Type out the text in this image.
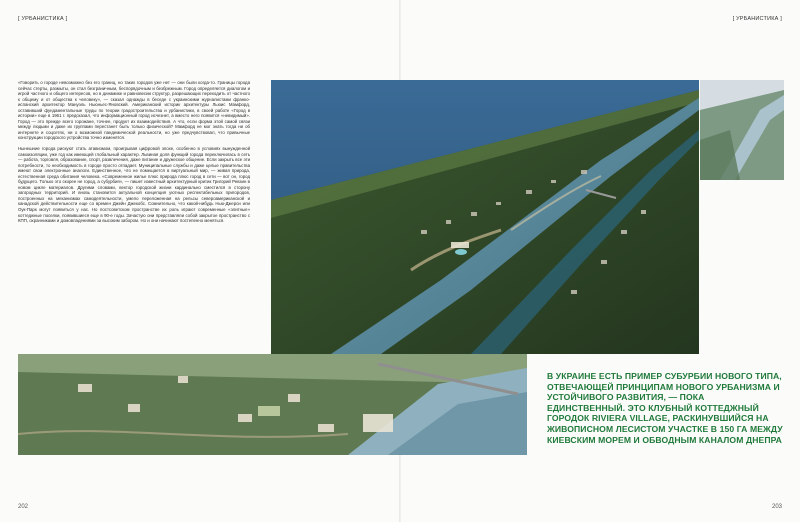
[ УРБАНИСТИКА ]	[ УРБАНИСТИКА ]

«Говорить о городе невозможно без его границ, но таких городов уже нет — они были когда-то. Границы города сейчас стерты, размыты, он стал безграничным, беспорядочным и безбрежным. Город определяется диалогом и игрой частного и общего интересов, но в динамике и равновесии структур, разрешающих переходить от частного к общему и от общества к человеку», — сказал однажды в беседе с украинскими журналистами франко-испанский архитектор Мануэль Ньюньес-Яновский. Американский историк архитектуры Льюис Мамфорд, оставивший фундаментальные труды по теории градостроительства и урбанистики, в своей работе «Город в истории» еще в 1961 г. предсказал, что информационный город исчезнет, а вместо него появится «невидимый». Город — это прежде всего горожане, точнее, продукт их взаимодействия. А что, если форма этой самой связи между людьми и даже их группами перестанет быть только физической? Мамфорд не мог знать тогда ни об интернете и соцсетях, ни о возможной пандемической реальности, но уже предчувствовал, что привычные конструкции городского устройства точно изменятся.

Нынешние города рискуют стать атавизмом, проигрывая цифровой эпохе, особенно в условиях вынужденной самоизоляции, уже год как имеющей глобальный характер. Львиная доля функций города переключилась в сеть — работа, торговля, образование, спорт, развлечения, даже питание и дружеское общение. Если закрыть все эти потребности, то необходимость в городе просто отпадает. Муниципальные службы и даже целые правительства имеют свои электронные аналоги. Единственное, что не помещается в виртуальный мир, — живая природа, естественная среда обитания человека. «Современное жилье плюс природа плюс город в сети — вот он, город будущего. Только это скорее не город, а субурбия», — пишет известный архитектурный критик Григорий Ревзин в новом цикле материалов. Другими словами, вектор городской жизни кардинально сместился в сторону загородных территорий. И вновь становится актуальной концепция уютных респектабельных пригородов, построенных на механизмах самодеятельности, умело переложенная на рельсы североамериканской и канадской действительности еще со времен Джейн Джекобс. Сомнительно, что какой-нибудь Нью-Джерси или Оук-Парк могут появиться у нас. Но постсоветском пространстве их роль играют современные «элитные» коттеджные поселки, появившиеся еще в 90-е годы. Зачастую они представляли собой закрытое пространство с КПП, охранниками и домовладениями за высоким забором. Но и они начинают постепенно меняться.

В УКРАИНЕ ЕСТЬ ПРИМЕР СУБУРБИИ НОВОГО ТИПА, ОТВЕЧАЮЩЕЙ ПРИНЦИПАМ НОВОГО УРБАНИЗМА И УСТОЙЧИВОГО РАЗВИТИЯ, — ПОКА ЕДИНСТВЕННЫЙ. ЭТО КЛУБНЫЙ КОТТЕДЖНЫЙ ГОРОДОК RIVIERA VILLAGE, РАСКИНУВШИЙСЯ НА ЖИВОПИСНОМ ЛЕСИСТОМ УЧАСТКЕ В 150 ГА МЕЖДУ КИЕВСКИМ МОРЕМ И ОБВОДНЫМ КАНАЛОМ ДНЕПРА
202	203
